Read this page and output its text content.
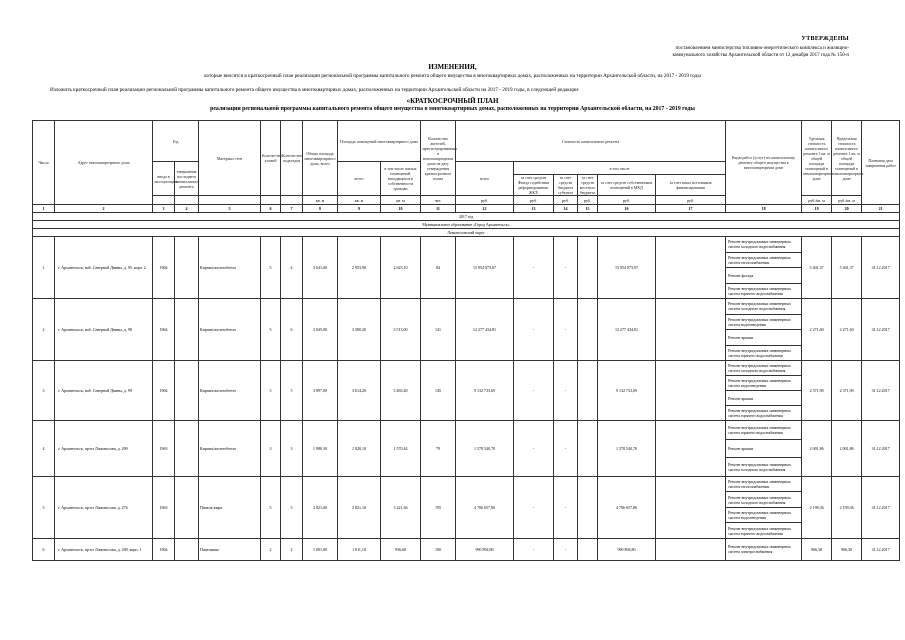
УТВЕРЖДЕНЫ
постановлением министерства топливно-энергетического комплекса и жилищно-
коммунального хозяйства Архангельской области от 12 декабря 2017 года № 150-п
ИЗМЕНЕНИЯ,
которые вносятся в краткосрочный план реализации региональной программы капитального ремонта общего имущества в многоквартирных домах, расположенных на территории Архангельской области, на 2017 - 2019 годы
Изложить краткосрочный план реализации региональной программы капитального ремонта общего имущества в многоквартирных домах, расположенных на территории Архангельской области на 2017 - 2019 годы, в следующей редакции:
«КРАТКОСРОЧНЫЙ ПЛАН
реализации региональной программы капитального ремонта общего имущества в многоквартирных домах, расположенных на территории Архангельской области, на 2017 - 2019 годы
Число	Адрес многоквартирного дома	Год		Материал стен	Количество этажей	Количество подъездов	Общая площадь многоквартирного дома, всего	Площадь помещений многоквартирного дома		Количество жителей, зарегистрированных в многоквартирном доме на дату утверждения краткосрочного плана	Стоимость капитального ремонта						Виды работ (услуг) по капитальному ремонту общего имущества в многоквартирном доме	Удельная стоимость капитального ремонта 1 кв. м общей площади помещений в многоквартирном доме	Предельная стоимость капитального ремонта 1 кв. м общей площади помещений в многоквартирном доме	Плановая дата завершения работ
		ввода в эксплуатацию	завершения последнего капитального ремонта					всего	в том числе жилых помещений, находящихся в собственности граждан		всего	в том числе								
												за счет средств Фонда содействия реформированию ЖКХ	за счет средств бюджета субъекта	за счет средств местного бюджета	за счет средств собственников помещений в МКД	за счет иных источников финансирования				
							кв. м	кв. м	кв. м	чел.	руб.	руб.	руб.	руб.	руб.	руб.		руб./кв. м	руб./кв. м	
1	2	3	4	5	6	7	8	9	10	11	12	13	14	15	16	17	18	19	20	21
2017 год																				
Муниципальное образование «Город Архангельск»																				
Ломоносовский округ																				
1	г. Архангельск, наб. Северной Двины, д. 95, корп. 2	1964		Кирпич/железобетон	5	4	3 641,00	2 953,90	2 623,10	84	15 954 973,97	-	-		15 954 973,97		Ремонт внутридомовых инженерных систем холодного водоснабжения	5 401,37	5 401,37	31.12.2017
																	Ремонт внутридомовых инженерных систем теплоснабжения			
																	Ремонт фасада			
																	Ремонт внутридомовых инженерных систем горячего водоснабжения			
2	г. Архангельск, наб. Северной Двины, д. 98	1964		Кирпич/железобетон	5	6	3 845,00	3 580,20	3 513,00	141	12 277 434,81	-	-		12 277 434,81		Ремонт внутридомовых инженерных систем холодного водоснабжения	2 271,60	2 271,60	31.12.2017
																	Ремонт внутридомовых инженерных систем водоотведения			
																	Ремонт крыши			
																	Ремонт внутридомовых инженерных систем горячего водоснабжения			
3	г. Архангельск, наб. Северной Двины, д. 99	1964		Кирпич/железобетон	5	5	3 897,00	3 614,20	3 465,40	145	9 132 733,69	-	-		9 132 733,69		Ремонт внутридомовых инженерных систем холодного водоснабжения	2 371,90	2 371,90	31.12.2017
																	Ремонт внутридомовых инженерных систем водоотведения			
																	Ремонт крыши			
																	Ремонт внутридомовых инженерных систем горячего водоснабжения			
4	г. Архангельск, пр-кт Ломоносова, д. 290	1963		Кирпич/железобетон	3	3	1 980,30	1 820,10	1 570,44	79	1 578 540,70	-	-		1 578 540,70		Ремонт внутридомовых инженерных систем горячего водоснабжения	2 001,86	2 001,86	31.12.2017
																	Ремонт крыши			
																	Ремонт внутридомовых инженерных систем холодного водоснабжения			
5	г. Архангельск, пр-кт Ломоносова, д. 276	1963		Панель-кирп.	5	5	3 821,00	3 821,10	3 221,36	195	4 706 657,86	-	-		4 706 657,86		Ремонт внутридомовых инженерных систем теплоснабжения	2 199,36	2 199,36	31.12.2017
																	Ремонт внутридомовых инженерных систем холодного водоснабжения			
																	Ремонт внутридомовых инженерных систем водоотведения			
																	Ремонт внутридомовых инженерных систем горячего водоснабжения			
6	г. Архангельск, пр-кт Ломоносова, д. 209, корп. 1	1964		Панельные	2	2	1 001,00	1 011,10	936,60	100	990 894,80	-	-		990 894,80		Ремонт внутридомовых инженерных систем электроснабжения	966,30	966,30	31.12.2017
